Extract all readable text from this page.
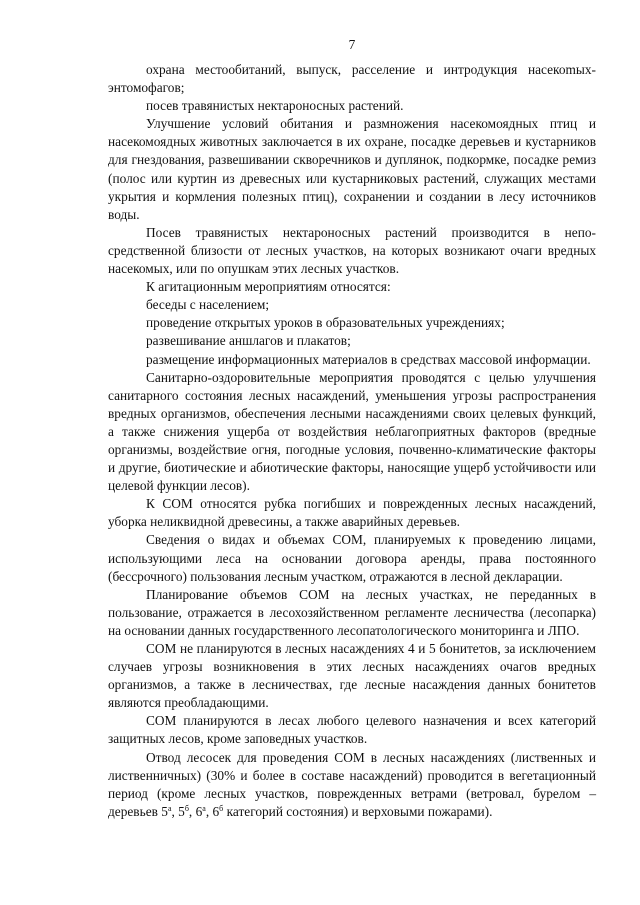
7

охрана местообитаний, выпуск, расселение и интродукция насекоmых-энтомофагов;

посев травянистых нектароносных растений.

Улучшение условий обитания и размножения насекомоядных птиц и насекомоядных животных заключается в их охране, посадке деревьев и кустарников для гнездования, развешивании скворечников и дуплянок, подкормке, посадке ремиз (полос или куртин из древесных или кустарниковых растений, служащих местами укрытия и кормления полезных птиц), сохранении и создании в лесу источников воды.

Посев травянистых нектароносных растений производится в непосредственной близости от лесных участков, на которых возникают очаги вредных насекомых, или по опушкам этих лесных участков.

К агитационным мероприятиям относятся:

беседы с населением;

проведение открытых уроков в образовательных учреждениях;

развешивание аншлагов и плакатов;

размещение информационных материалов в средствах массовой информации.

Санитарно-оздоровительные мероприятия проводятся с целью улучшения санитарного состояния лесных насаждений, уменьшения угрозы распространения вредных организмов, обеспечения лесными насаждениями своих целевых функций, а также снижения ущерба от воздействия неблагоприятных факторов (вредные организмы, воздействие огня, погодные условия, почвенно-климатические факторы и другие, биотические и абиотические факторы, наносящие ущерб устойчивости или целевой функции лесов).

К СОМ относятся рубка погибших и поврежденных лесных насаждений, уборка неликвидной древесины, а также аварийных деревьев.

Сведения о видах и объемах СОМ, планируемых к проведению лицами, использующими леса на основании договора аренды, права постоянного (бессрочного) пользования лесным участком, отражаются в лесной декларации.

Планирование объемов СОМ на лесных участках, не переданных в пользование, отражается в лесохозяйственном регламенте лесничества (лесопарка) на основании данных государственного лесопатологического мониторинга и ЛПО.

СОМ не планируются в лесных насаждениях 4 и 5 бонитетов, за исключением случаев угрозы возникновения в этих лесных насаждениях очагов вредных организмов, а также в лесничествах, где лесные насаждения данных бонитетов являются преобладающими.

СОМ планируются в лесах любого целевого назначения и всех категорий защитных лесов, кроме заповедных участков.

Отвод лесосек для проведения СОМ в лесных насаждениях (лиственных и лиственничных) (30% и более в составе насаждений) проводится в вегетационный период (кроме лесных участков, поврежденных ветрами (ветровал, бурелом – деревьев $5^а$, $5^б$, $6^а$, $6^б$ категорий состояния) и верховыми пожарами).
